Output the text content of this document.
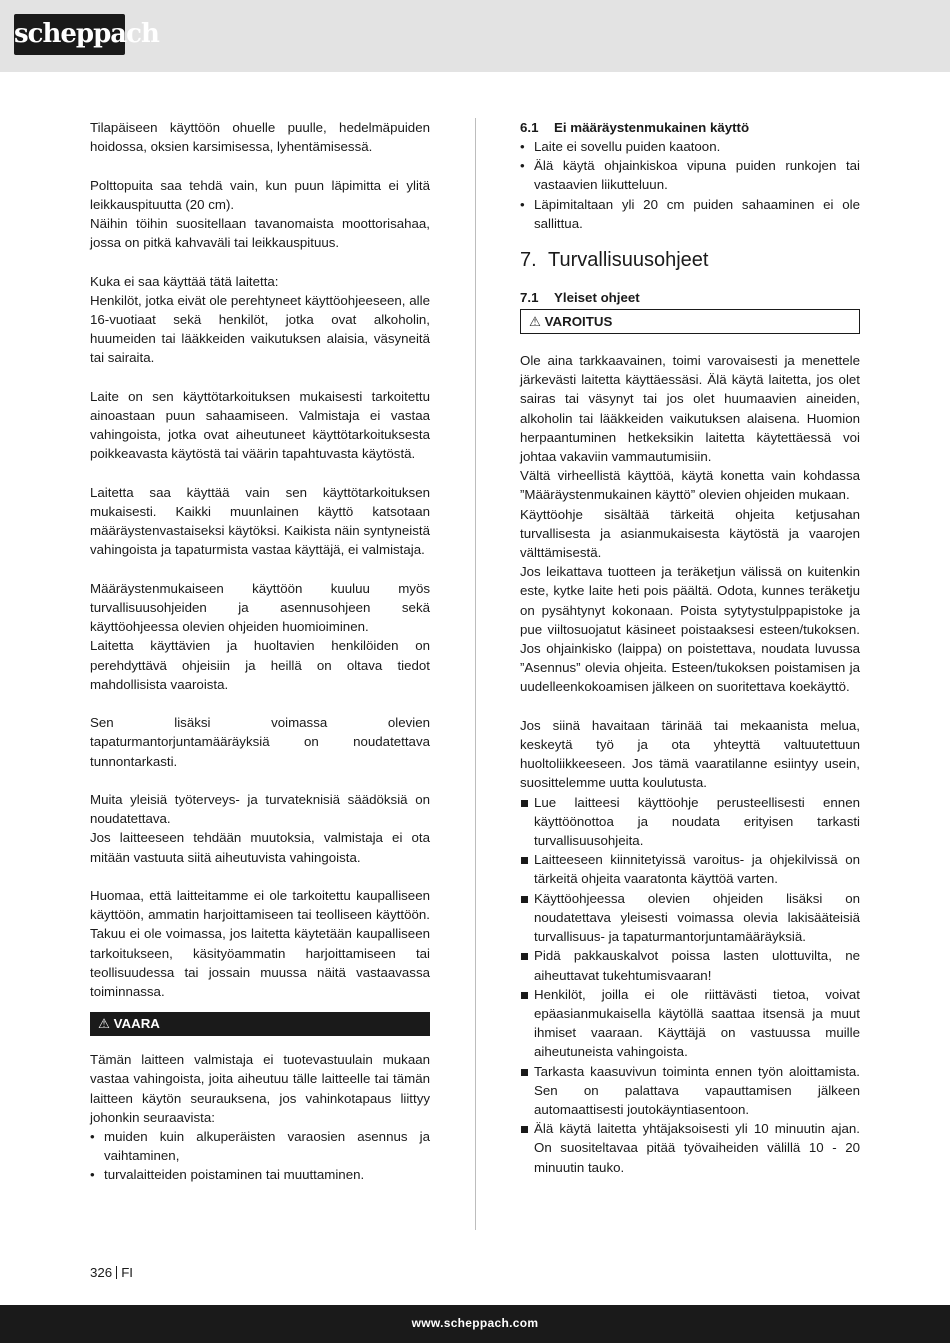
scheppach

Tilapäiseen käyttöön ohuelle puulle, hedelmäpuiden hoidossa, oksien karsimisessa, lyhentämisessä.

Polttopuita saa tehdä vain, kun puun läpimitta ei ylitä leikkauspituutta (20 cm).

Näihin töihin suositellaan tavanomaista moottorisahaa, jossa on pitkä kahvaväli tai leikkauspituus.

Kuka ei saa käyttää tätä laitetta:

Henkilöt, jotka eivät ole perehtyneet käyttöohjeeseen, alle 16-vuotiaat sekä henkilöt, jotka ovat alkoholin, huumeiden tai lääkkeiden vaikutuksen alaisia, väsyneitä tai sairaita.

Laite on sen käyttötarkoituksen mukaisesti tarkoitettu ainoastaan puun sahaamiseen. Valmistaja ei vastaa vahingoista, jotka ovat aiheutuneet käyttötarkoituksesta poikkeavasta käytöstä tai väärin tapahtuvasta käytöstä.

Laitetta saa käyttää vain sen käyttötarkoituksen mukaisesti. Kaikki muunlainen käyttö katsotaan määräystenvastaiseksi käytöksi. Kaikista näin syntyneistä vahingoista ja tapaturmista vastaa käyttäjä, ei valmistaja.

Määräystenmukaiseen käyttöön kuuluu myös turvallisuusohjeiden ja asennusohjeen sekä käyttöohjeessa olevien ohjeiden huomioiminen.

Laitetta käyttävien ja huoltavien henkilöiden on perehdyttävä ohjeisiin ja heillä on oltava tiedot mahdollisista vaaroista.

Sen lisäksi voimassa olevien tapaturmantorjuntamääräyksiä on noudatettava tunnontarkasti.

Muita yleisiä työterveys- ja turvateknisiä säädöksiä on noudatettava.

Jos laitteeseen tehdään muutoksia, valmistaja ei ota mitään vastuuta siitä aiheutuvista vahingoista.

Huomaa, että laitteitamme ei ole tarkoitettu kaupalliseen käyttöön, ammatin harjoittamiseen tai teolliseen käyttöön. Takuu ei ole voimassa, jos laitetta käytetään kaupalliseen tarkoitukseen, käsityöammatin harjoittamiseen tai teollisuudessa tai jossain muussa näitä vastaavassa toiminnassa.

⚠ VAARA

Tämän laitteen valmistaja ei tuotevastuulain mukaan vastaa vahingoista, joita aiheutuu tälle laitteelle tai tämän laitteen käytön seurauksena, jos vahinkotapaus liittyy johonkin seuraavista:

• muiden kuin alkuperäisten varaosien asennus ja vaihtaminen,
• turvalaitteiden poistaminen tai muuttaminen.
6.1 Ei määräystenmukainen käyttö
• Laite ei sovellu puiden kaatoon.
• Älä käytä ohjainkiskoa vipuna puiden runkojen tai vastaavien liikutteluun.
• Läpimitaltaan yli 20 cm puiden sahaaminen ei ole sallittua.
7. Turvallisuusohjeet
7.1 Yleiset ohjeet
⚠ VAROITUS

Ole aina tarkkaavainen, toimi varovaisesti ja menettele järkevästi laitetta käyttäessäsi. Älä käytä laitetta, jos olet sairas tai väsynyt tai jos olet huumaavien aineiden, alkoholin tai lääkkeiden vaikutuksen alaisena. Huomion herpaantuminen hetkeksikin laitetta käytettäessä voi johtaa vakaviin vammautumisiin.

Vältä virheellistä käyttöä, käytä konetta vain kohdassa ”Määräystenmukainen käyttö” olevien ohjeiden mukaan.

Käyttöohje sisältää tärkeitä ohjeita ketjusahan turvallisesta ja asianmukaisesta käytöstä ja vaarojen välttämisestä.

Jos leikattava tuotteen ja teräketjun välissä on kuitenkin este, kytke laite heti pois päältä. Odota, kunnes teräketju on pysähtynyt kokonaan. Poista sytytystulppapistoke ja pue viiltosuojatut käsineet poistaaksesi esteen/tukoksen. Jos ohjainkisko (laippa) on poistettava, noudata luvussa ”Asennus” olevia ohjeita. Esteen/tukoksen poistamisen ja uudelleenkokoamisen jälkeen on suoritettava koekäyttö.

Jos siinä havaitaan tärinää tai mekaanista melua, keskeytä työ ja ota yhteyttä valtuutettuun huoltoliikkeeseen. Jos tämä vaaratilanne esiintyy usein, suosittelemme uutta koulutusta.

Lue laitteesi käyttöohje perusteellisesti ennen käyttöönottoa ja noudata erityisen tarkasti turvallisuusohjeita.
Laitteeseen kiinnitetyissä varoitus- ja ohjekilvissä on tärkeitä ohjeita vaaratonta käyttöä varten.
Käyttöohjeessa olevien ohjeiden lisäksi on noudatettava yleisesti voimassa olevia lakisääteisiä turvallisuus- ja tapaturmantorjuntamääräyksiä.
Pidä pakkauskalvot poissa lasten ulottuvilta, ne aiheuttavat tukehtumisvaaran!
Henkilöt, joilla ei ole riittävästi tietoa, voivat epäasianmukaisella käytöllä saattaa itsensä ja muut ihmiset vaaraan. Käyttäjä on vastuussa muille aiheutuneista vahingoista.
Tarkasta kaasuvivun toiminta ennen työn aloittamista. Sen on palattava vapauttamisen jälkeen automaattisesti joutokäyntiasentoon.
Älä käytä laitetta yhtäjaksoisesti yli 10 minuutin ajan. On suositeltavaa pitää työvaiheiden välillä 10 - 20 minuutin tauko.
326 FI
www.scheppach.com
